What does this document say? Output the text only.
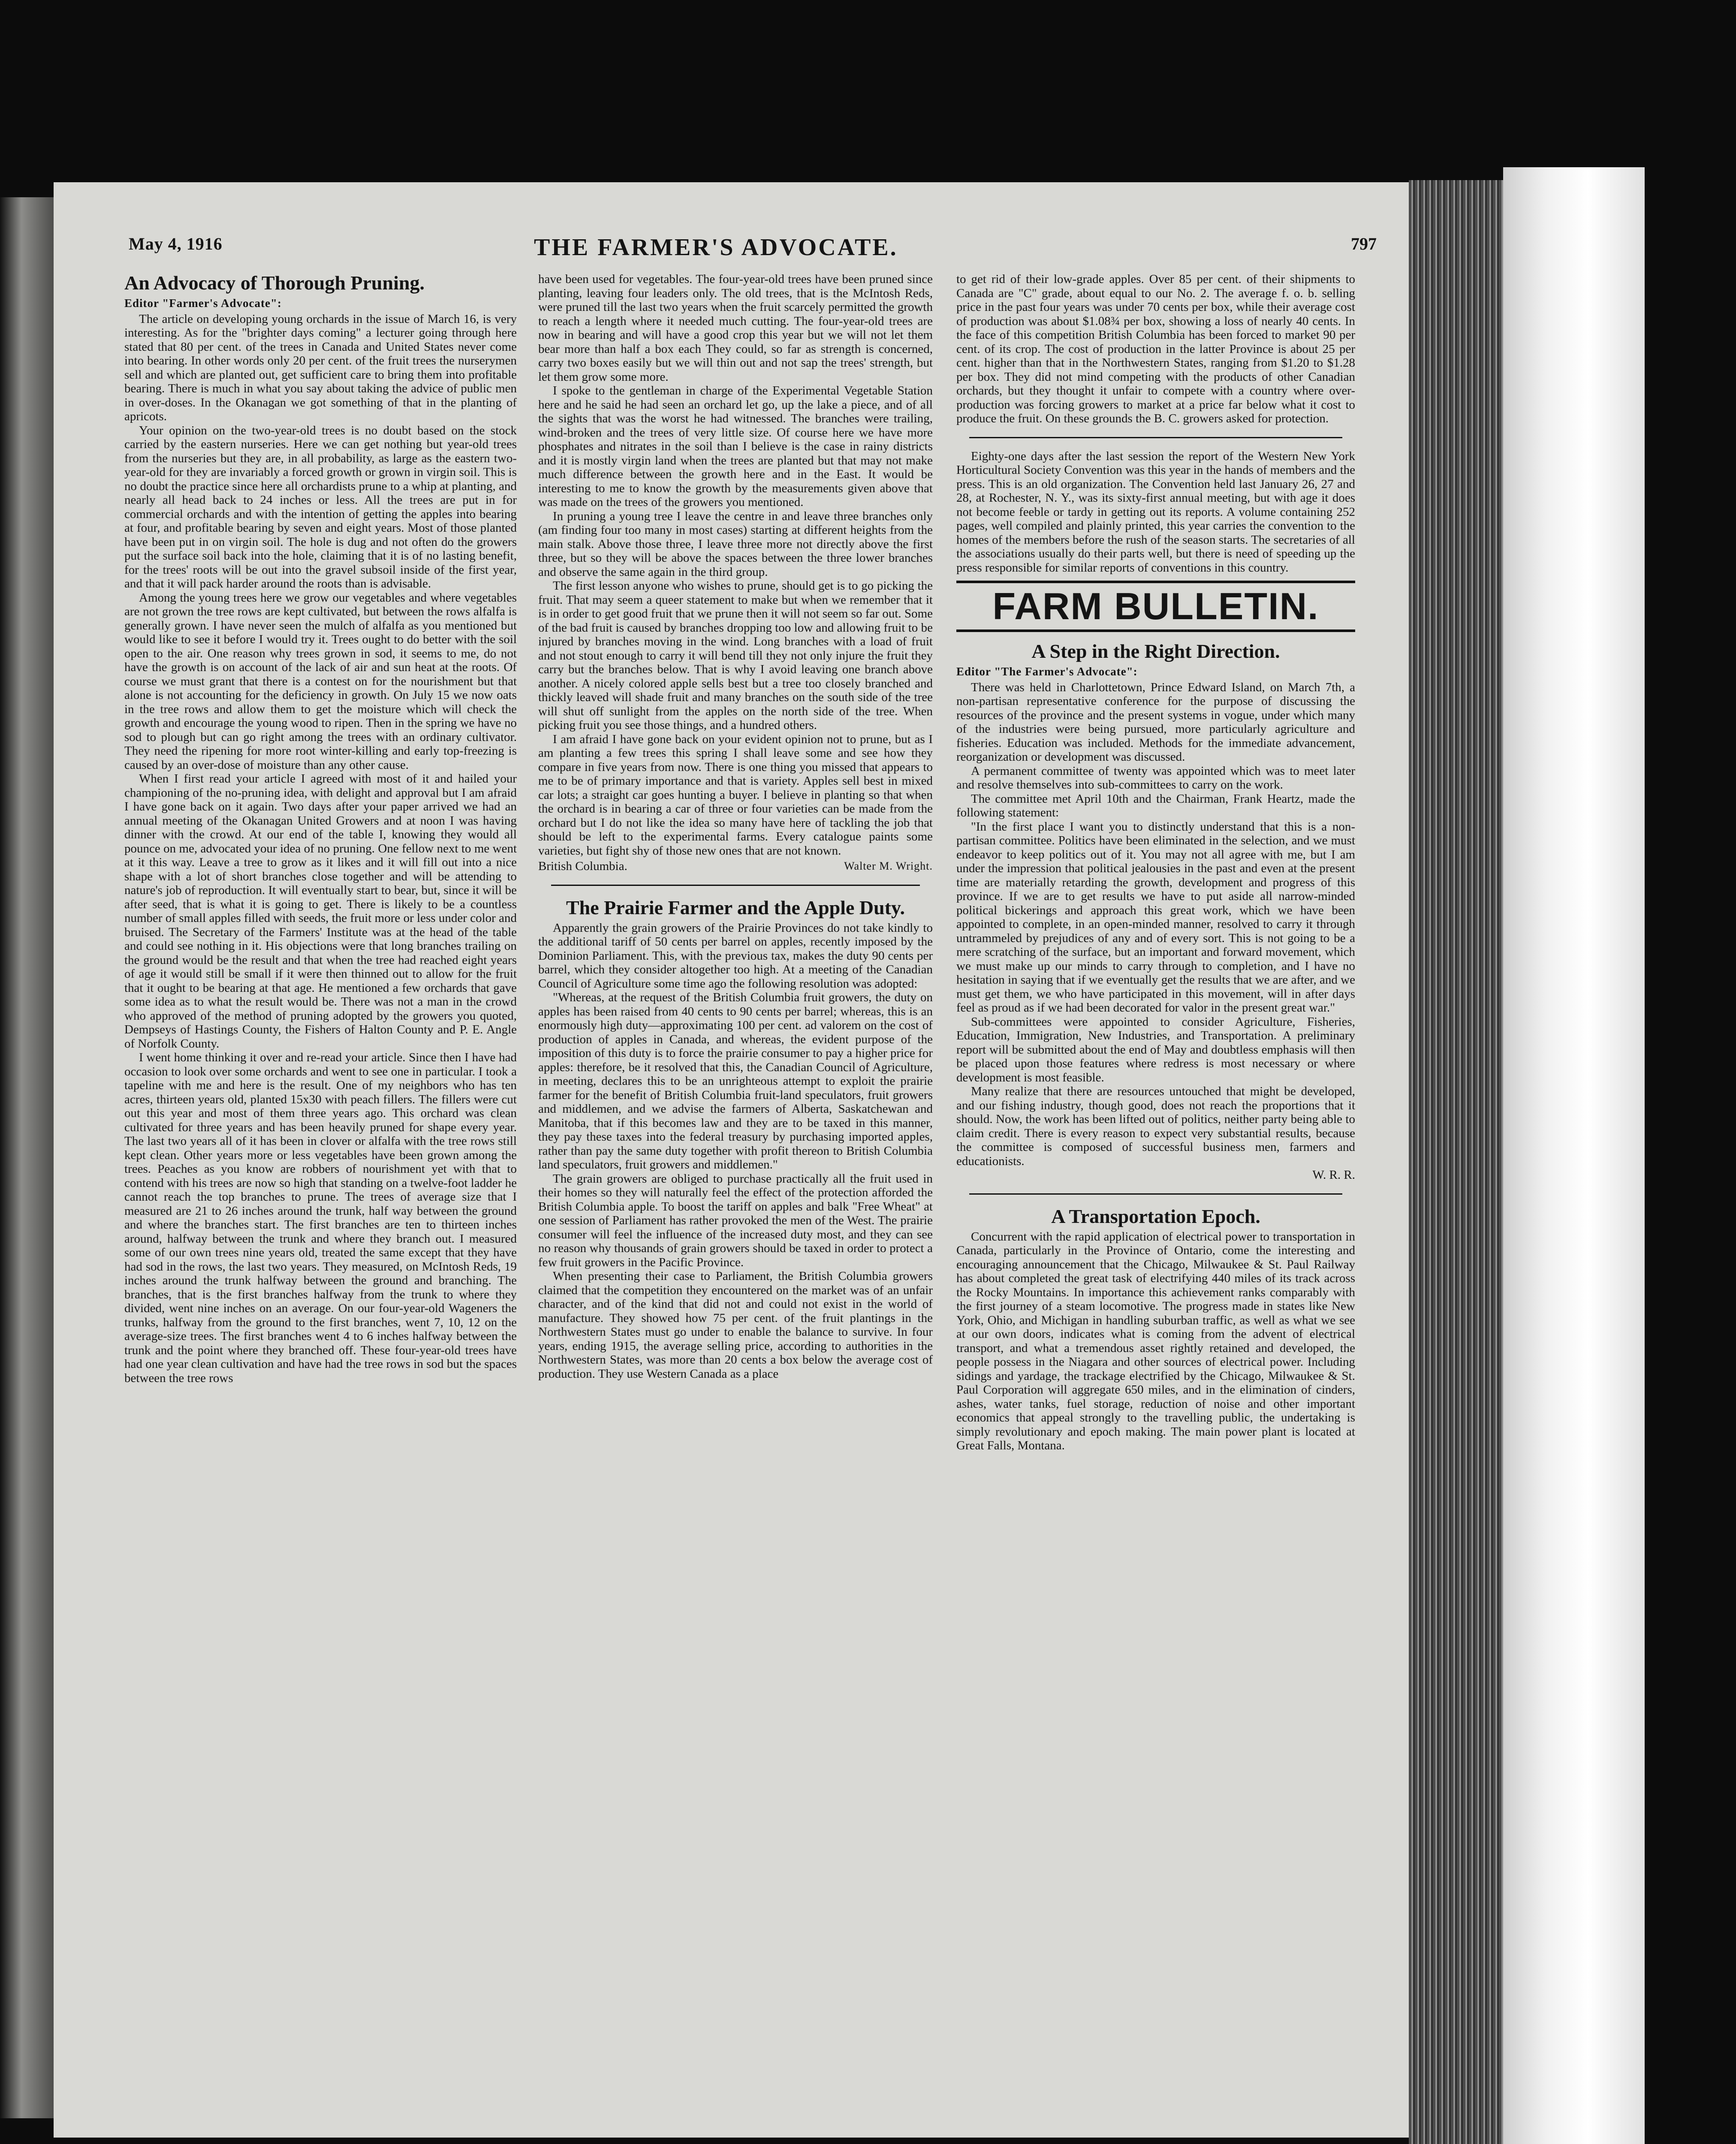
May 4, 1916	THE FARMER'S ADVOCATE.	797
An Advocacy of Thorough Pruning.
Editor "Farmer's Advocate":

The article on developing young orchards in the issue of March 16, is very interesting. As for the "brighter days coming" a lecturer going through here stated that 80 per cent. of the trees in Canada and United States never come into bearing. In other words only 20 per cent. of the fruit trees the nurserymen sell and which are planted out, get sufficient care to bring them into profitable bearing. There is much in what you say about taking the advice of public men in over-doses. In the Okanagan we got something of that in the planting of apricots.

Your opinion on the two-year-old trees is no doubt based on the stock carried by the eastern nurseries. Here we can get nothing but year-old trees from the nurseries but they are, in all probability, as large as the eastern two-year-old for they are invariably a forced growth or grown in virgin soil. This is no doubt the practice since here all orchardists prune to a whip at planting, and nearly all head back to 24 inches or less. All the trees are put in for commercial orchards and with the intention of getting the apples into bearing at four, and profitable bearing by seven and eight years. Most of those planted have been put in on virgin soil. The hole is dug and not often do the growers put the surface soil back into the hole, claiming that it is of no lasting benefit, for the trees' roots will be out into the gravel subsoil inside of the first year, and that it will pack harder around the roots than is advisable.

Among the young trees here we grow our vegetables and where vegetables are not grown the tree rows are kept cultivated, but between the rows alfalfa is generally grown. I have never seen the mulch of alfalfa as you mentioned but would like to see it before I would try it. Trees ought to do better with the soil open to the air. One reason why trees grown in sod, it seems to me, do not have the growth is on account of the lack of air and sun heat at the roots. Of course we must grant that there is a contest on for the nourishment but that alone is not accounting for the deficiency in growth. On July 15 we now oats in the tree rows and allow them to get the moisture which will check the growth and encourage the young wood to ripen. Then in the spring we have no sod to plough but can go right among the trees with an ordinary cultivator. They need the ripening for more root winter-killing and early top-freezing is caused by an over-dose of moisture than any other cause.

When I first read your article I agreed with most of it and hailed your championing of the no-pruning idea, with delight and approval but I am afraid I have gone back on it again. Two days after your paper arrived we had an annual meeting of the Okanagan United Growers and at noon I was having dinner with the crowd. At our end of the table I, knowing they would all pounce on me, advocated your idea of no pruning. One fellow next to me went at it this way. Leave a tree to grow as it likes and it will fill out into a nice shape with a lot of short branches close together and will be attending to nature's job of reproduction. It will eventually start to bear, but, since it will be after seed, that is what it is going to get. There is likely to be a countless number of small apples filled with seeds, the fruit more or less under color and bruised. The Secretary of the Farmers' Institute was at the head of the table and could see nothing in it. His objections were that long branches trailing on the ground would be the result and that when the tree had reached eight years of age it would still be small if it were then thinned out to allow for the fruit that it ought to be bearing at that age. He mentioned a few orchards that gave some idea as to what the result would be. There was not a man in the crowd who approved of the method of pruning adopted by the growers you quoted, Dempseys of Hastings County, the Fishers of Halton County and P. E. Angle of Norfolk County.

I went home thinking it over and re-read your article. Since then I have had occasion to look over some orchards and went to see one in particular. I took a tapeline with me and here is the result. One of my neighbors who has ten acres, thirteen years old, planted 15x30 with peach fillers. The fillers were cut out this year and most of them three years ago. This orchard was clean cultivated for three years and has been heavily pruned for shape every year. The last two years all of it has been in clover or alfalfa with the tree rows still kept clean. Other years more or less vegetables have been grown among the trees. Peaches as you know are robbers of nourishment yet with that to contend with his trees are now so high that standing on a twelve-foot ladder he cannot reach the top branches to prune. The trees of average size that I measured are 21 to 26 inches around the trunk, half way between the ground and where the branches start. The first branches are ten to thirteen inches around, halfway between the trunk and where they branch out. I measured some of our own trees nine years old, treated the same except that they have had sod in the rows, the last two years. They measured, on McIntosh Reds, 19 inches around the trunk halfway between the ground and branching. The branches, that is the first branches halfway from the trunk to where they divided, went nine inches on an average. On our four-year-old Wageners the trunks, halfway from the ground to the first branches, went 7, 10, 12 on the average-size trees. The first branches went 4 to 6 inches halfway between the trunk and the point where they branched off. These four-year-old trees have had one year clean cultivation and have had the tree rows in sod but the spaces between the tree rows

have been used for vegetables. The four-year-old trees have been pruned since planting, leaving four leaders only. The old trees, that is the McIntosh Reds, were pruned till the last two years when the fruit scarcely permitted the growth to reach a length where it needed much cutting. The four-year-old trees are now in bearing and will have a good crop this year but we will not let them bear more than half a box each They could, so far as strength is concerned, carry two boxes easily but we will thin out and not sap the trees' strength, but let them grow some more.

I spoke to the gentleman in charge of the Experimental Vegetable Station here and he said he had seen an orchard let go, up the lake a piece, and of all the sights that was the worst he had witnessed. The branches were trailing, wind-broken and the trees of very little size. Of course here we have more phosphates and nitrates in the soil than I believe is the case in rainy districts and it is mostly virgin land when the trees are planted but that may not make much difference between the growth here and in the East. It would be interesting to me to know the growth by the measurements given above that was made on the trees of the growers you mentioned.

In pruning a young tree I leave the centre in and leave three branches only (am finding four too many in most cases) starting at different heights from the main stalk. Above those three, I leave three more not directly above the first three, but so they will be above the spaces between the three lower branches and observe the same again in the third group.

The first lesson anyone who wishes to prune, should get is to go picking the fruit. That may seem a queer statement to make but when we remember that it is in order to get good fruit that we prune then it will not seem so far out. Some of the bad fruit is caused by branches dropping too low and allowing fruit to be injured by branches moving in the wind. Long branches with a load of fruit and not stout enough to carry it will bend till they not only injure the fruit they carry but the branches below. That is why I avoid leaving one branch above another. A nicely colored apple sells best but a tree too closely branched and thickly leaved will shade fruit and many branches on the south side of the tree will shut off sunlight from the apples on the north side of the tree. When picking fruit you see those things, and a hundred others.

I am afraid I have gone back on your evident opinion not to prune, but as I am planting a few trees this spring I shall leave some and see how they compare in five years from now. There is one thing you missed that appears to me to be of primary importance and that is variety. Apples sell best in mixed car lots; a straight car goes hunting a buyer. I believe in planting so that when the orchard is in bearing a car of three or four varieties can be made from the orchard but I do not like the idea so many have here of tackling the job that should be left to the experimental farms. Every catalogue paints some varieties, but fight shy of those new ones that are not known.

British Columbia.	Walter M. Wright.
The Prairie Farmer and the Apple Duty.

Apparently the grain growers of the Prairie Provinces do not take kindly to the additional tariff of 50 cents per barrel on apples, recently imposed by the Dominion Parliament. This, with the previous tax, makes the duty 90 cents per barrel, which they consider altogether too high. At a meeting of the Canadian Council of Agriculture some time ago the following resolution was adopted:

"Whereas, at the request of the British Columbia fruit growers, the duty on apples has been raised from 40 cents to 90 cents per barrel; whereas, this is an enormously high duty—approximating 100 per cent. ad valorem on the cost of production of apples in Canada, and whereas, the evident purpose of the imposition of this duty is to force the prairie consumer to pay a higher price for apples: therefore, be it resolved that this, the Canadian Council of Agriculture, in meeting, declares this to be an unrighteous attempt to exploit the prairie farmer for the benefit of British Columbia fruit-land speculators, fruit growers and middlemen, and we advise the farmers of Alberta, Saskatchewan and Manitoba, that if this becomes law and they are to be taxed in this manner, they pay these taxes into the federal treasury by purchasing imported apples, rather than pay the same duty together with profit thereon to British Columbia land speculators, fruit growers and middlemen."

The grain growers are obliged to purchase practically all the fruit used in their homes so they will naturally feel the effect of the protection afforded the British Columbia apple. To boost the tariff on apples and balk "Free Wheat" at one session of Parliament has rather provoked the men of the West. The prairie consumer will feel the influence of the increased duty most, and they can see no reason why thousands of grain growers should be taxed in order to protect a few fruit growers in the Pacific Province.

When presenting their case to Parliament, the British Columbia growers claimed that the competition they encountered on the market was of an unfair character, and of the kind that did not and could not exist in the world of manufacture. They showed how 75 per cent. of the fruit plantings in the Northwestern States must go under to enable the balance to survive. In four years, ending 1915, the average selling price, according to authorities in the Northwestern States, was more than 20 cents a box below the average cost of production. They use Western Canada as a place

to get rid of their low-grade apples. Over 85 per cent. of their shipments to Canada are "C" grade, about equal to our No. 2. The average f. o. b. selling price in the past four years was under 70 cents per box, while their average cost of production was about $1.08¾ per box, showing a loss of nearly 40 cents. In the face of this competition British Columbia has been forced to market 90 per cent. of its crop. The cost of production in the latter Province is about 25 per cent. higher than that in the Northwestern States, ranging from $1.20 to $1.28 per box. They did not mind competing with the products of other Canadian orchards, but they thought it unfair to compete with a country where over-production was forcing growers to market at a price far below what it cost to produce the fruit. On these grounds the B. C. growers asked for protection.

Eighty-one days after the last session the report of the Western New York Horticultural Society Convention was this year in the hands of members and the press. This is an old organization. The Convention held last January 26, 27 and 28, at Rochester, N. Y., was its sixty-first annual meeting, but with age it does not become feeble or tardy in getting out its reports. A volume containing 252 pages, well compiled and plainly printed, this year carries the convention to the homes of the members before the rush of the season starts. The secretaries of all the associations usually do their parts well, but there is need of speeding up the press responsible for similar reports of conventions in this country.

FARM BULLETIN.
A Step in the Right Direction.
Editor "The Farmer's Advocate":

There was held in Charlottetown, Prince Edward Island, on March 7th, a non-partisan representative conference for the purpose of discussing the resources of the province and the present systems in vogue, under which many of the industries were being pursued, more particularly agriculture and fisheries. Education was included. Methods for the immediate advancement, reorganization or development was discussed.

A permanent committee of twenty was appointed which was to meet later and resolve themselves into sub-committees to carry on the work.

The committee met April 10th and the Chairman, Frank Heartz, made the following statement:

"In the first place I want you to distinctly understand that this is a non-partisan committee. Politics have been eliminated in the selection, and we must endeavor to keep politics out of it. You may not all agree with me, but I am under the impression that political jealousies in the past and even at the present time are materially retarding the growth, development and progress of this province. If we are to get results we have to put aside all narrow-minded political bickerings and approach this great work, which we have been appointed to complete, in an open-minded manner, resolved to carry it through untrammeled by prejudices of any and of every sort. This is not going to be a mere scratching of the surface, but an important and forward movement, which we must make up our minds to carry through to completion, and I have no hesitation in saying that if we eventually get the results that we are after, and we must get them, we who have participated in this movement, will in after days feel as proud as if we had been decorated for valor in the present great war."

Sub-committees were appointed to consider Agriculture, Fisheries, Education, Immigration, New Industries, and Transportation. A preliminary report will be submitted about the end of May and doubtless emphasis will then be placed upon those features where redress is most necessary or where development is most feasible.

Many realize that there are resources untouched that might be developed, and our fishing industry, though good, does not reach the proportions that it should. Now, the work has been lifted out of politics, neither party being able to claim credit. There is every reason to expect very substantial results, because the committee is composed of successful business men, farmers and educationists.

W. R. R.
A Transportation Epoch.

Concurrent with the rapid application of electrical power to transportation in Canada, particularly in the Province of Ontario, come the interesting and encouraging announcement that the Chicago, Milwaukee & St. Paul Railway has about completed the great task of electrifying 440 miles of its track across the Rocky Mountains. In importance this achievement ranks comparably with the first journey of a steam locomotive. The progress made in states like New York, Ohio, and Michigan in handling suburban traffic, as well as what we see at our own doors, indicates what is coming from the advent of electrical transport, and what a tremendous asset rightly retained and developed, the people possess in the Niagara and other sources of electrical power. Including sidings and yardage, the trackage electrified by the Chicago, Milwaukee & St. Paul Corporation will aggregate 650 miles, and in the elimination of cinders, ashes, water tanks, fuel storage, reduction of noise and other important economics that appeal strongly to the travelling public, the undertaking is simply revolutionary and epoch making. The main power plant is located at Great Falls, Montana.
